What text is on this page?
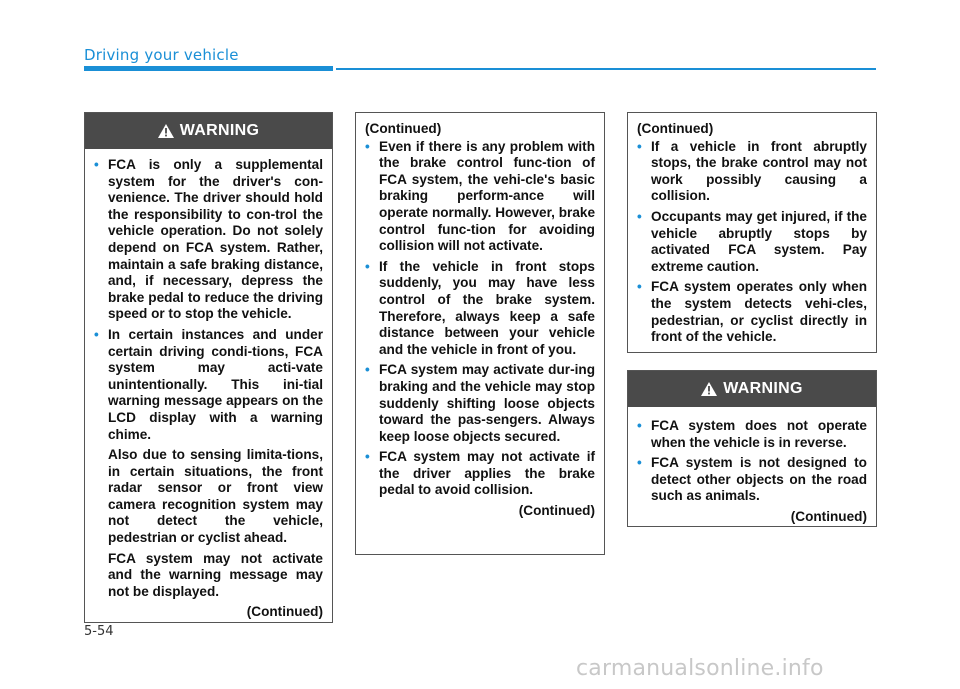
Driving your vehicle
WARNING
• FCA is only a supplemental system for the driver's con-venience. The driver should hold the responsibility to con-trol the vehicle operation. Do not solely depend on FCA system. Rather, maintain a safe braking distance, and, if necessary, depress the brake pedal to reduce the driving speed or to stop the vehicle.
• In certain instances and under certain driving condi-tions, FCA system may acti-vate unintentionally. This ini-tial warning message appears on the LCD display with a warning chime.
Also due to sensing limita-tions, in certain situations, the front radar sensor or front view camera recognition system may not detect the vehicle, pedestrian or cyclist ahead.
FCA system may not activate and the warning message may not be displayed.
(Continued)
(Continued)
• Even if there is any problem with the brake control func-tion of FCA system, the vehi-cle's basic braking perform-ance will operate normally. However, brake control func-tion for avoiding collision will not activate.
• If the vehicle in front stops suddenly, you may have less control of the brake system. Therefore, always keep a safe distance between your vehicle and the vehicle in front of you.
• FCA system may activate dur-ing braking and the vehicle may stop suddenly shifting loose objects toward the pas-sengers. Always keep loose objects secured.
• FCA system may not activate if the driver applies the brake pedal to avoid collision.
(Continued)
(Continued)
• If a vehicle in front abruptly stops, the brake control may not work possibly causing a collision.
• Occupants may get injured, if the vehicle abruptly stops by activated FCA system. Pay extreme caution.
• FCA system operates only when the system detects vehi-cles, pedestrian, or cyclist directly in front of the vehicle.
WARNING
• FCA system does not operate when the vehicle is in reverse.
• FCA system is not designed to detect other objects on the road such as animals.
(Continued)
5-54
carmanualsonline.info
